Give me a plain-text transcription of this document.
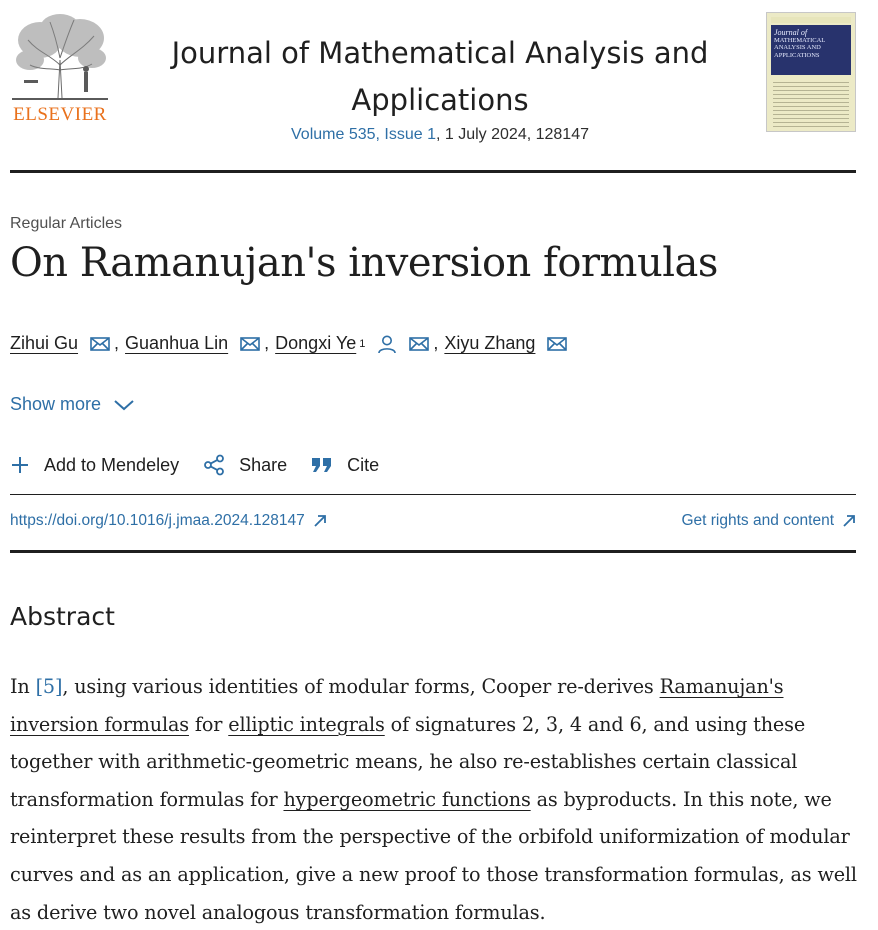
ELSEVIER
Journal of Mathematical Analysis and Applications
Volume 535, Issue 1, 1 July 2024, 128147
Journal of
MATHEMATICAL ANALYSIS AND APPLICATIONS
Regular Articles
On Ramanujan's inversion formulas
Zihui Gu , Guanhua Lin , Dongxi Ye 1	, Xiyu Zhang
Show more
Add to Mendeley	Share	Cite
https://doi.org/10.1016/j.jmaa.2024.128147	Get rights and content
Abstract

In [5], using various identities of modular forms, Cooper re-derives Ramanujan's inversion formulas for elliptic integrals of signatures 2, 3, 4 and 6, and using these together with arithmetic-geometric means, he also re-establishes certain classical transformation formulas for hypergeometric functions as byproducts. In this note, we reinterpret these results from the perspective of the orbifold uniformization of modular curves and as an application, give a new proof to those transformation formulas, as well as derive two novel analogous transformation formulas.
